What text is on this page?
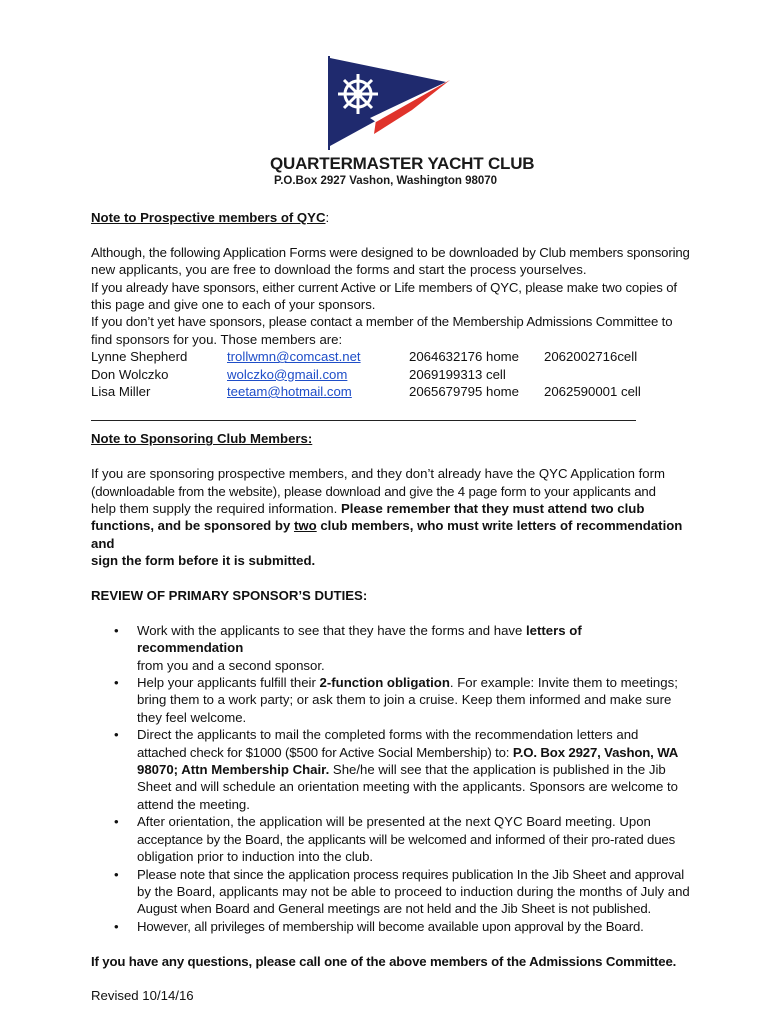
QUARTERMASTER YACHT CLUB
P.O.Box 2927 Vashon, Washington 98070

Note to Prospective members of QYC:

Although, the following Application Forms were designed to be downloaded by Club members sponsoring

new applicants, you are free to download the forms and start the process yourselves.

If you already have sponsors, either current Active or Life members of QYC, please make two copies of

this page and give one to each of your sponsors.

If you don’t yet have sponsors, please contact a member of the Membership Admissions Committee to

find sponsors for you. Those members are:

Lynne Shepherd	trollwmn@comcast.net	2064632176 home 2062002716cell
Don Wolczko	wolczko@gmail.com	2069199313 cell
Lisa Miller	teetam@hotmail.com	2065679795 home 2062590001 cell

Note to Sponsoring Club Members:

If you are sponsoring prospective members, and they don’t already have the QYC Application form

(downloadable from the website), please download and give the 4 page form to your applicants and

help them supply the required information. Please remember that they must attend two club

functions, and be sponsored by two club members, who must write letters of recommendation and

sign the form before it is submitted.

REVIEW OF PRIMARY SPONSOR’S DUTIES:

• Work with the applicants to see that they have the forms and have letters of recommendation

from you and a second sponsor.

• Help your applicants fulfill their 2-function obligation. For example: Invite them to meetings;

bring them to a work party; or ask them to join a cruise. Keep them informed and make sure

they feel welcome.

• Direct the applicants to mail the completed forms with the recommendation letters and

attached check for $1000 ($500 for Active Social Membership) to: P.O. Box 2927, Vashon, WA

98070; Attn Membership Chair. She/he will see that the application is published in the Jib

Sheet and will schedule an orientation meeting with the applicants. Sponsors are welcome to

attend the meeting.

• After orientation, the application will be presented at the next QYC Board meeting. Upon

acceptance by the Board, the applicants will be welcomed and informed of their pro-rated dues

obligation prior to induction into the club.

• Please note that since the application process requires publication In the Jib Sheet and approval

by the Board, applicants may not be able to proceed to induction during the months of July and

August when Board and General meetings are not held and the Jib Sheet is not published.

• However, all privileges of membership will become available upon approval by the Board.

If you have any questions, please call one of the above members of the Admissions Committee.

Revised 10/14/16
